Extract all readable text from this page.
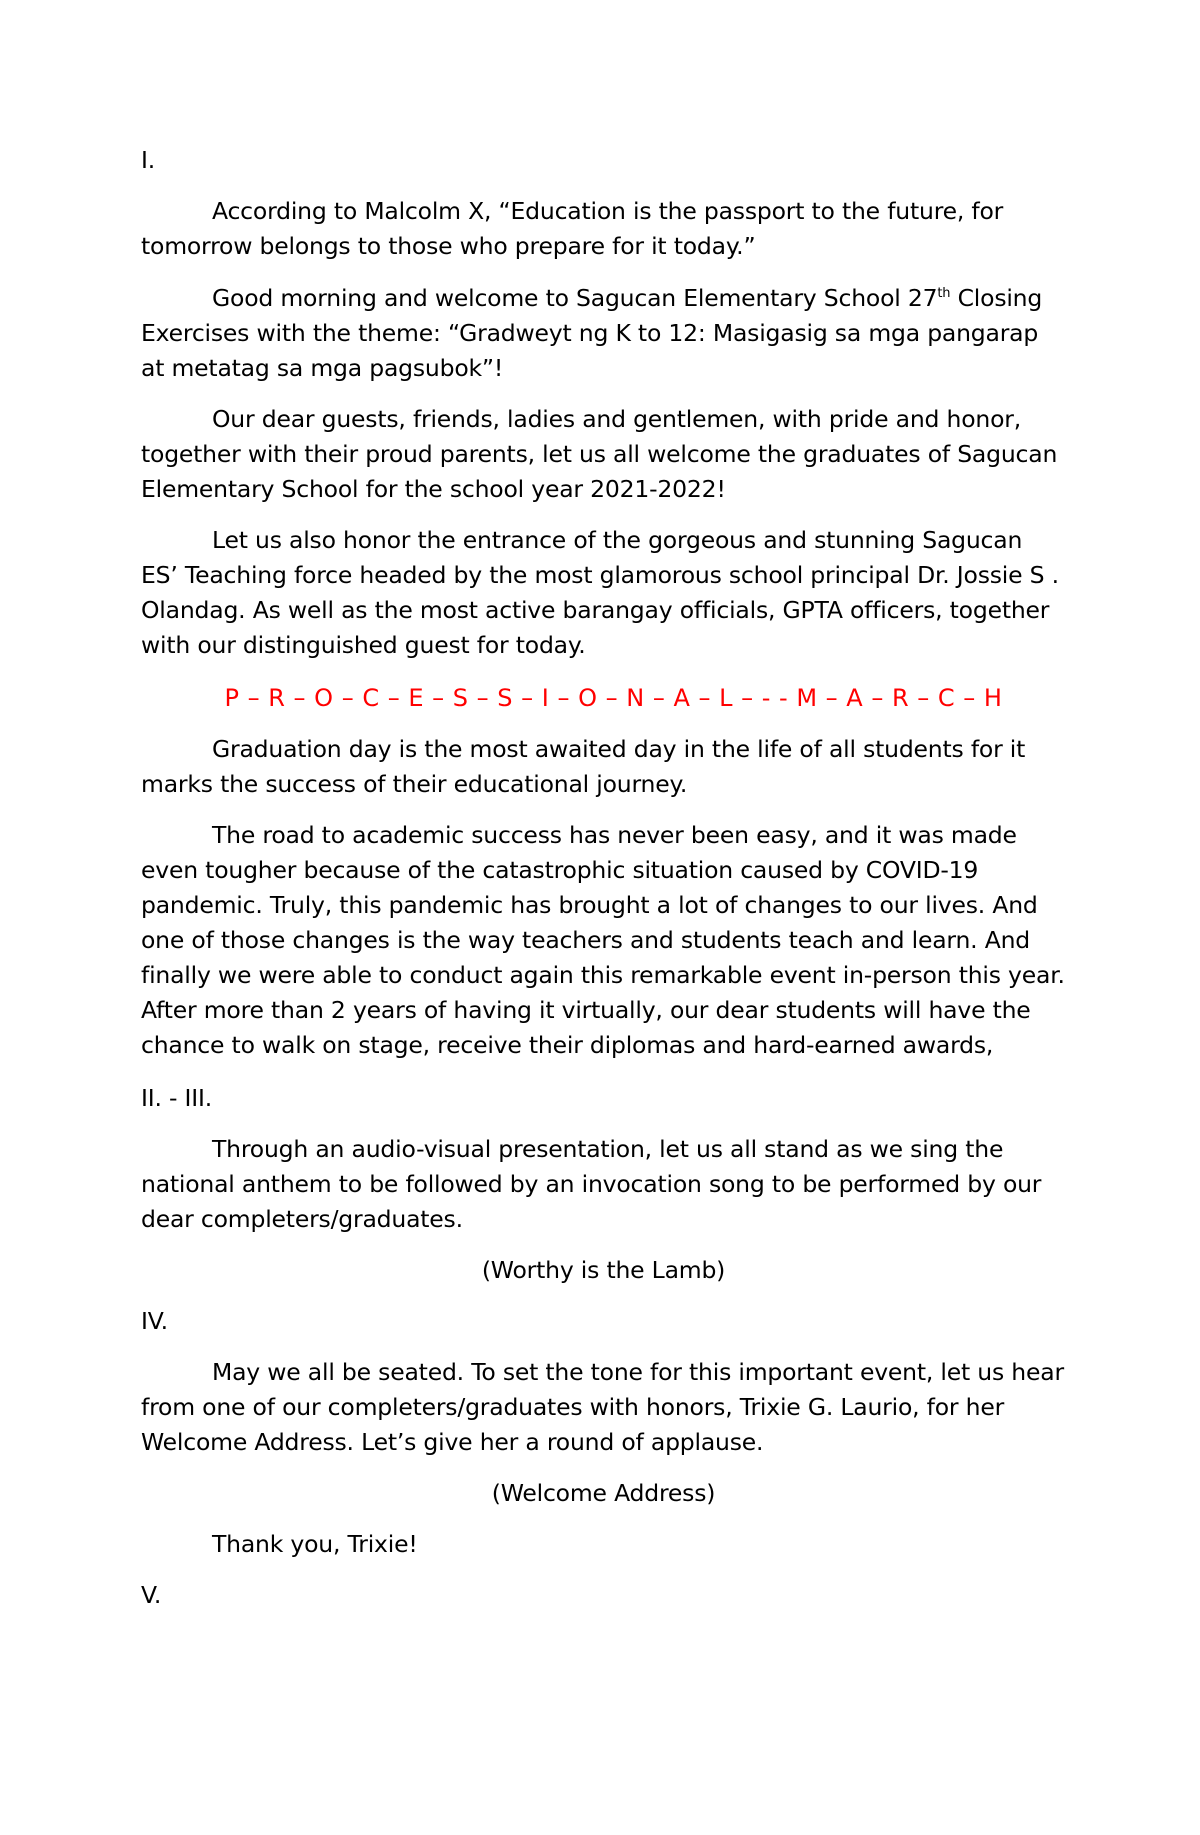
I.

According to Malcolm X, “Education is the passport to the future, for tomorrow belongs to those who prepare for it today.”

Good morning and welcome to Sagucan Elementary School 27th Closing Exercises with the theme: “Gradweyt ng K to 12: Masigasig sa mga pangarap at metatag sa mga pagsubok”!

Our dear guests, friends, ladies and gentlemen, with pride and honor, together with their proud parents, let us all welcome the graduates of Sagucan Elementary School for the school year 2021-2022!

Let us also honor the entrance of the gorgeous and stunning Sagucan ES’ Teaching force headed by the most glamorous school principal Dr. Jossie S . Olandag. As well as the most active barangay officials, GPTA officers, together with our distinguished guest for today.

P – R – O – C – E – S – S – I – O – N – A – L – - - M – A – R – C – H

Graduation day is the most awaited day in the life of all students for it marks the success of their educational journey.

The road to academic success has never been easy, and it was made even tougher because of the catastrophic situation caused by COVID-19 pandemic. Truly, this pandemic has brought a lot of changes to our lives. And one of those changes is the way teachers and students teach and learn. And finally we were able to conduct again this remarkable event in-person this year. After more than 2 years of having it virtually, our dear students will have the chance to walk on stage, receive their diplomas and hard-earned awards,

II. - III.

Through an audio-visual presentation, let us all stand as we sing the national anthem to be followed by an invocation song to be performed by our dear completers/graduates.

(Worthy is the Lamb)

IV.

May we all be seated. To set the tone for this important event, let us hear from one of our completers/graduates with honors, Trixie G. Laurio, for her Welcome Address. Let’s give her a round of applause.

(Welcome Address)

Thank you, Trixie!

V.
